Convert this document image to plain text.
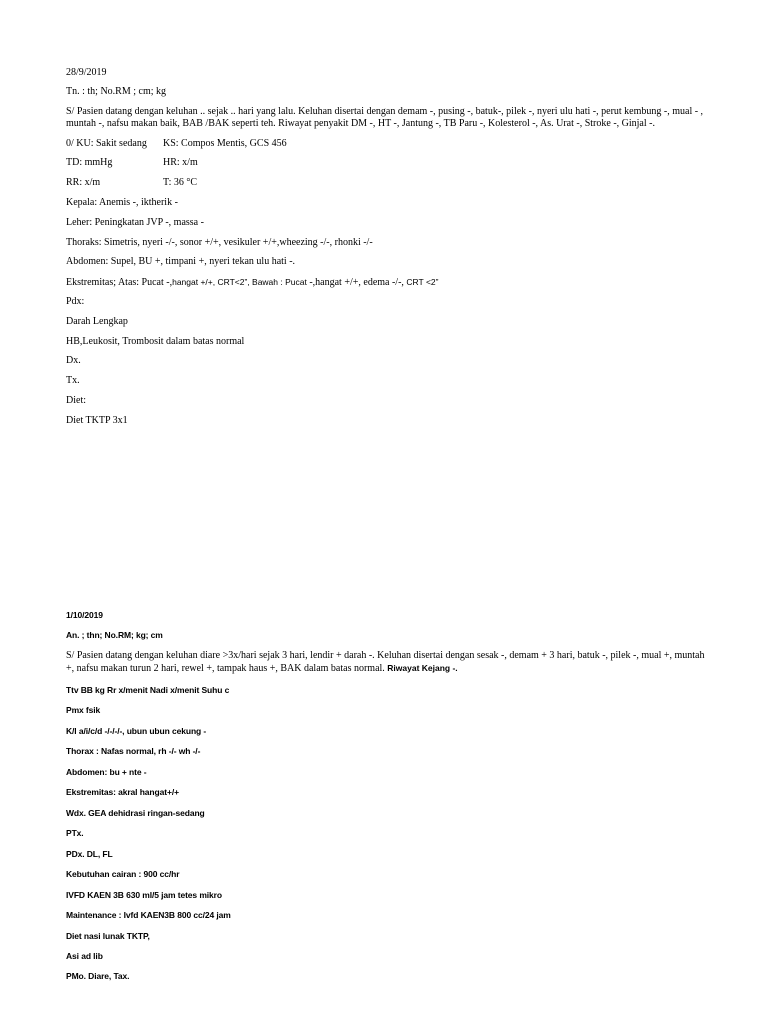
28/9/2019
Tn. : th; No.RM ; cm; kg
S/ Pasien datang dengan keluhan .. sejak .. hari yang lalu. Keluhan disertai dengan demam -, pusing -, batuk-, pilek -, nyeri ulu hati -, perut kembung -, mual - , muntah -, nafsu makan baik, BAB /BAK seperti teh. Riwayat penyakit DM -, HT -, Jantung -, TB Paru -, Kolesterol -, As. Urat -, Stroke -, Ginjal -.
0/ KU: Sakit sedang KS: Compos Mentis, GCS 456
TD: mmHg	HR: x/m
RR: x/m	T: 36 °C
Kepala: Anemis -, iktherik -
Leher: Peningkatan JVP -, massa -
Thoraks: Simetris, nyeri -/-, sonor +/+, vesikuler +/+,wheezing -/-, rhonki -/-
Abdomen: Supel, BU +, timpani +, nyeri tekan ulu hati -.
Ekstremitas; Atas: Pucat -,hangat +/+, CRT<2”, Bawah : Pucat -,hangat +/+, edema -/-, CRT <2”
Pdx:
Darah Lengkap
HB,Leukosit, Trombosit dalam batas normal
Dx.
Tx.
Diet:
Diet TKTP 3x1
1/10/2019
An. ; thn; No.RM; kg; cm
S/ Pasien datang dengan keluhan diare >3x/hari sejak 3 hari, lendir + darah -. Keluhan disertai dengan sesak -, demam + 3 hari, batuk -, pilek -, mual +, muntah +, nafsu makan turun 2 hari, rewel +, tampak haus +, BAK dalam batas normal. Riwayat Kejang -.
Ttv BB kg Rr x/menit Nadi x/menit Suhu c
Pmx fsik
K/l a/i/c/d -/-/-/-, ubun ubun cekung -
Thorax : Nafas normal, rh -/- wh -/-
Abdomen: bu + nte -
Ekstremitas: akral hangat+/+
Wdx. GEA dehidrasi ringan-sedang
PTx.
PDx. DL, FL
Kebutuhan cairan : 900 cc/hr
IVFD KAEN 3B 630 ml/5 jam tetes mikro
Maintenance : Ivfd KAEN3B 800 cc/24 jam
Diet nasi lunak TKTP,
Asi ad lib
PMo. Diare, Tax.
